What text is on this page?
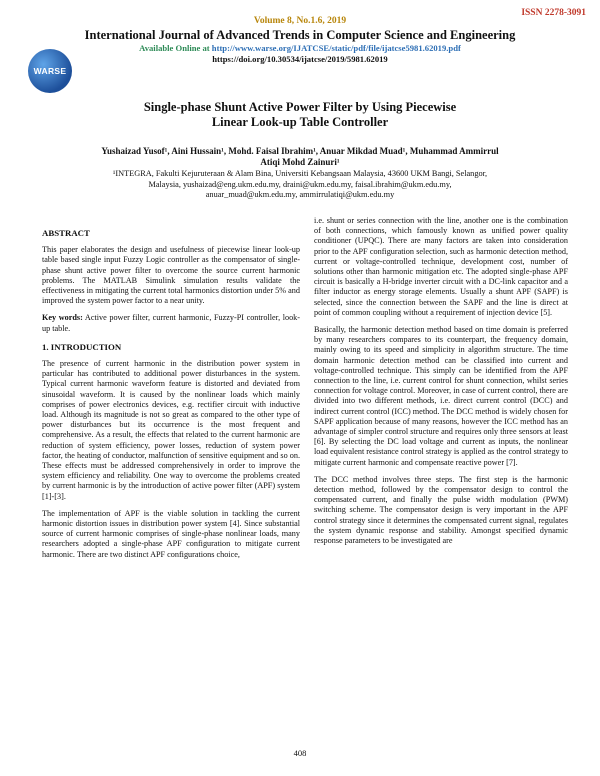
ISSN 2278-3091
WARSE
Volume 8, No.1.6, 2019
International Journal of Advanced Trends in Computer Science and Engineering
Available Online at http://www.warse.org/IJATCSE/static/pdf/file/ijatcse5981.62019.pdf
https://doi.org/10.30534/ijatcse/2019/5981.62019
Single-phase Shunt Active Power Filter by Using Piecewise
Linear Look-up Table Controller
Yushaizad Yusof¹, Aini Hussain¹, Mohd. Faisal Ibrahim¹, Anuar Mikdad Muad¹, Muhammad Ammirrul
Atiqi Mohd Zainuri¹
¹INTEGRA, Fakulti Kejuruteraan & Alam Bina, Universiti Kebangsaan Malaysia, 43600 UKM Bangi, Selangor,
Malaysia, yushaizad@eng.ukm.edu.my, draini@ukm.edu.my, faisal.ibrahim@ukm.edu.my,
anuar_muad@ukm.edu.my, ammirrulatiqi@ukm.edu.my
ABSTRACT

This paper elaborates the design and usefulness of piecewise linear look-up table based single input Fuzzy Logic controller as the compensator of single-phase shunt active power filter to overcome the source current harmonic problems. The MATLAB Simulink simulation results validate the effectiveness in mitigating the current total harmonics distortion under 5% and improved the system power factor to a near unity.

Key words: Active power filter, current harmonic, Fuzzy-PI controller, look-up table.

1. INTRODUCTION

The presence of current harmonic in the distribution power system in particular has contributed to additional power disturbances in the system. Typical current harmonic waveform feature is distorted and deviated from sinusoidal waveform. It is caused by the nonlinear loads which mainly comprises of power electronics devices, e.g. rectifier circuit with inductive load. Although its magnitude is not so great as compared to the other type of power disturbances but its occurrence is the most frequent and comprehensive. As a result, the effects that related to the current harmonic are reduction of system efficiency, power losses, reduction of system power factor, the heating of conductor, malfunction of sensitive equipment and so on. These effects must be addressed comprehensively in order to improve the system efficiency and reliability. One way to overcome the problems created by current harmonic is by the introduction of active power filter (APF) system [1]-[3].

The implementation of APF is the viable solution in tackling the current harmonic distortion issues in distribution power system [4]. Since substantial source of current harmonic comprises of single-phase nonlinear loads, many researchers adopted a single-phase APF configuration to mitigate current harmonic. There are two distinct APF configurations choice,

i.e. shunt or series connection with the line, another one is the combination of both connections, which famously known as unified power quality conditioner (UPQC). There are many factors are taken into consideration prior to the APF configuration selection, such as harmonic detection method, current or voltage-controlled technique, development cost, number of solutions other than harmonic mitigation etc. The adopted single-phase APF circuit is basically a H-bridge inverter circuit with a DC-link capacitor and a filter inductor as energy storage elements. Usually a shunt APF (SAPF) is selected, since the connection between the SAPF and the line is direct at point of common coupling without a requirement of injection device [5].

Basically, the harmonic detection method based on time domain is preferred by many researchers compares to its counterpart, the frequency domain, mainly owing to its speed and simplicity in algorithm structure. The time domain harmonic detection method can be classified into current and voltage-controlled technique. This simply can be identified from the APF connection to the line, i.e. current control for shunt connection, whilst series connection for voltage control. Moreover, in case of current control, there are divided into two different methods, i.e. direct current control (DCC) and indirect current control (ICC) method. The DCC method is widely chosen for SAPF application because of many reasons, however the ICC method has an advantage of simpler control structure and requires only three sensors at least [6]. By selecting the DC load voltage and current as inputs, the nonlinear load equivalent resistance control strategy is applied as the control strategy to mitigate current harmonic and compensate reactive power [7].

The DCC method involves three steps. The first step is the harmonic detection method, followed by the compensator design to control the compensated current, and finally the pulse width modulation (PWM) switching scheme. The compensator design is very important in the APF control strategy since it determines the compensated current signal, regulates the system dynamic response and stability. Amongst specified dynamic response parameters to be investigated are

408
